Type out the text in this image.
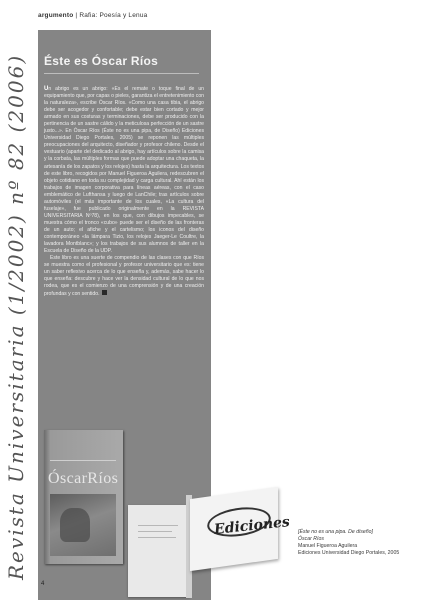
argumento | Rafia: Poesía y Lenua
Revista Universitaria (1/2002) nº 82 (2006) Éste es Óscar Ríos

Un abrigo es un abrigo: «Es el remate o toque final de un equipamiento que, por capas o pieles, garantiza el entretenimiento con la naturaleza», escribe Óscar Ríos. «Como una casa tibia, el abrigo debe ser acogedor y confortable; debe estar bien cortado y mejor armado en sus costuras y terminaciones, debe ser producido con la pertinencia de un sastre cálido y la meticulosa perfección de un sastre justo...». En Óscar Ríos (Éste no es una pipa, de Diseño) Ediciones Universidad Diego Portales, 2005) se reponen las múltiples preocupaciones del arquitecto, diseñador y profesor chileno. Desde el vestuario (aparte del dedicado al abrigo, hay artículos sobre la camisa y la corbata, las múltiples formas que puede adoptar una chaqueta, la artesanía de los zapatos y los relojes) hasta la arquitectura. Los textos de este libro, recogidos por Manuel Figueroa Aguilera, redescubren el objeto cotidiano en toda su complejidad y carga cultural. Ahí están los trabajos de imagen corporativa para líneas aéreas, con el caso emblemático de Lufthansa y luego de LanChile; tras artículos sobre automóviles (el más importante de los cuales, «La cultura del fuselaje», fue publicado originalmente en la REVISTA UNIVERSITARIA Nº78), en los que, con dibujos impecables, se muestra cómo el tronco «cubo» puede ser el diseño de las fronteras de un auto; el afiche y el cartelismo; los iconos del diseño contemporáneo «la lámpara Tizio, los relojes Jaeger-Le Coultre, la lavadora Montblanc»; y los trabajos de sus alumnos de taller en la Escuela de Diseño de la UDP.

Este libro es una suerte de compendio de las clases con que Ríos se muestra como el profesional y profesor universitario que es: tiene un saber reflexivo acerca de lo que enseña y, además, sabe hacer lo que enseña: descubre y hace ver la densidad cultural de lo que nos rodea, que es el comienzo de una comprensión y de una creación profundas y con sentido.

ÓscarRíos
Ediciones [Éste no es una pipa. De diseño]
Óscar Ríos
Manuel Figueroa Aguilera
Ediciones Universidad Diego Portales, 2005
4
